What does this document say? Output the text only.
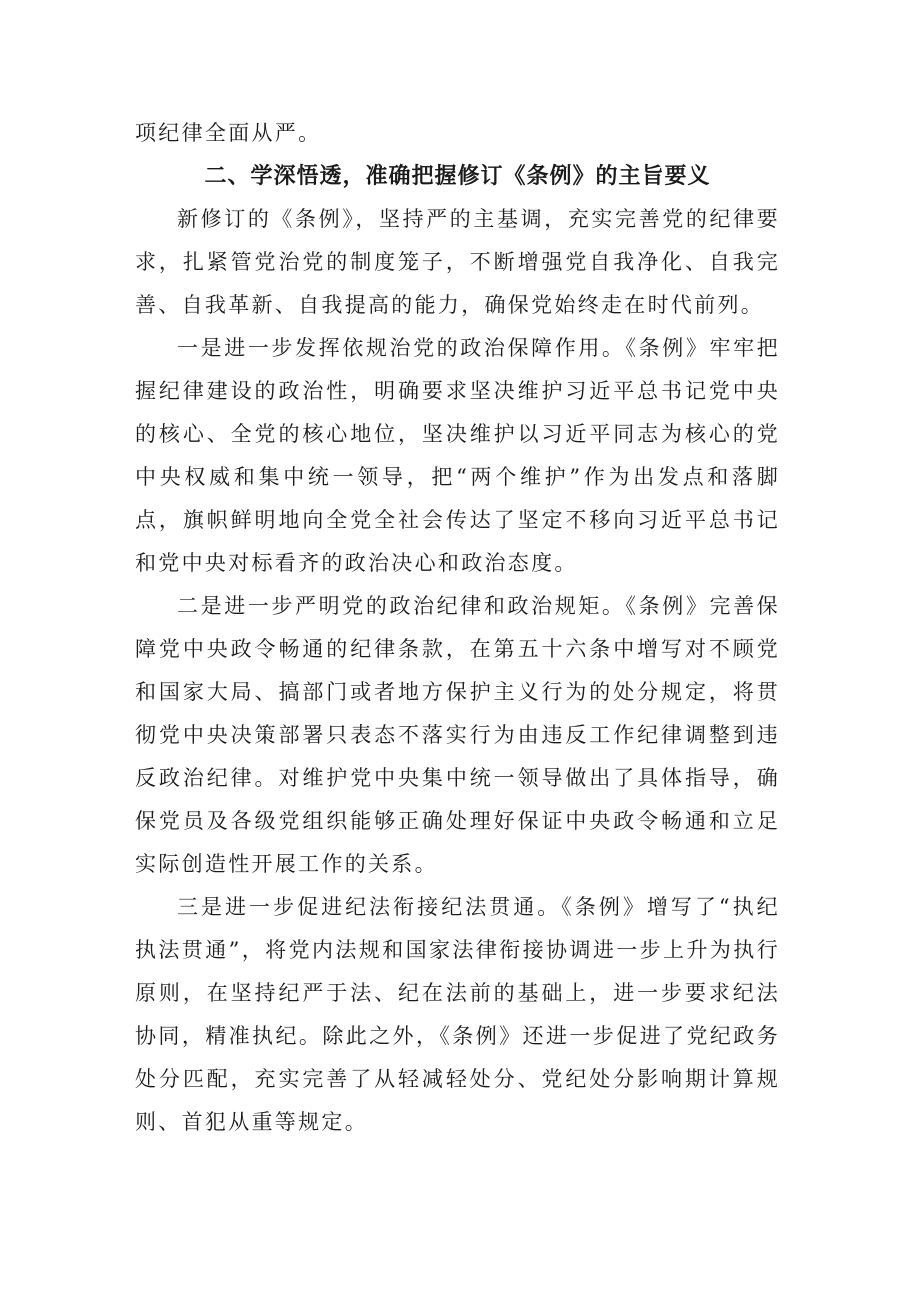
项纪律全面从严。

二、学深悟透，准确把握修订《条例》的主旨要义

新修订的《条例》，坚持严的主基调，充实完善党的纪律要求，扎紧管党治党的制度笼子，不断增强党自我净化、自我完善、自我革新、自我提高的能力，确保党始终走在时代前列。

一是进一步发挥依规治党的政治保障作用。《条例》牢牢把握纪律建设的政治性，明确要求坚决维护习近平总书记党中央的核心、全党的核心地位，坚决维护以习近平同志为核心的党中央权威和集中统一领导，把“两个维护”作为出发点和落脚点，旗帜鲜明地向全党全社会传达了坚定不移向习近平总书记和党中央对标看齐的政治决心和政治态度。

二是进一步严明党的政治纪律和政治规矩。《条例》完善保障党中央政令畅通的纪律条款，在第五十六条中增写对不顾党和国家大局、搞部门或者地方保护主义行为的处分规定，将贯彻党中央决策部署只表态不落实行为由违反工作纪律调整到违反政治纪律。对维护党中央集中统一领导做出了具体指导，确保党员及各级党组织能够正确处理好保证中央政令畅通和立足实际创造性开展工作的关系。

三是进一步促进纪法衔接纪法贯通。《条例》增写了“执纪执法贯通”，将党内法规和国家法律衔接协调进一步上升为执行原则，在坚持纪严于法、纪在法前的基础上，进一步要求纪法协同，精准执纪。除此之外，《条例》还进一步促进了党纪政务处分匹配，充实完善了从轻减轻处分、党纪处分影响期计算规则、首犯从重等规定。
